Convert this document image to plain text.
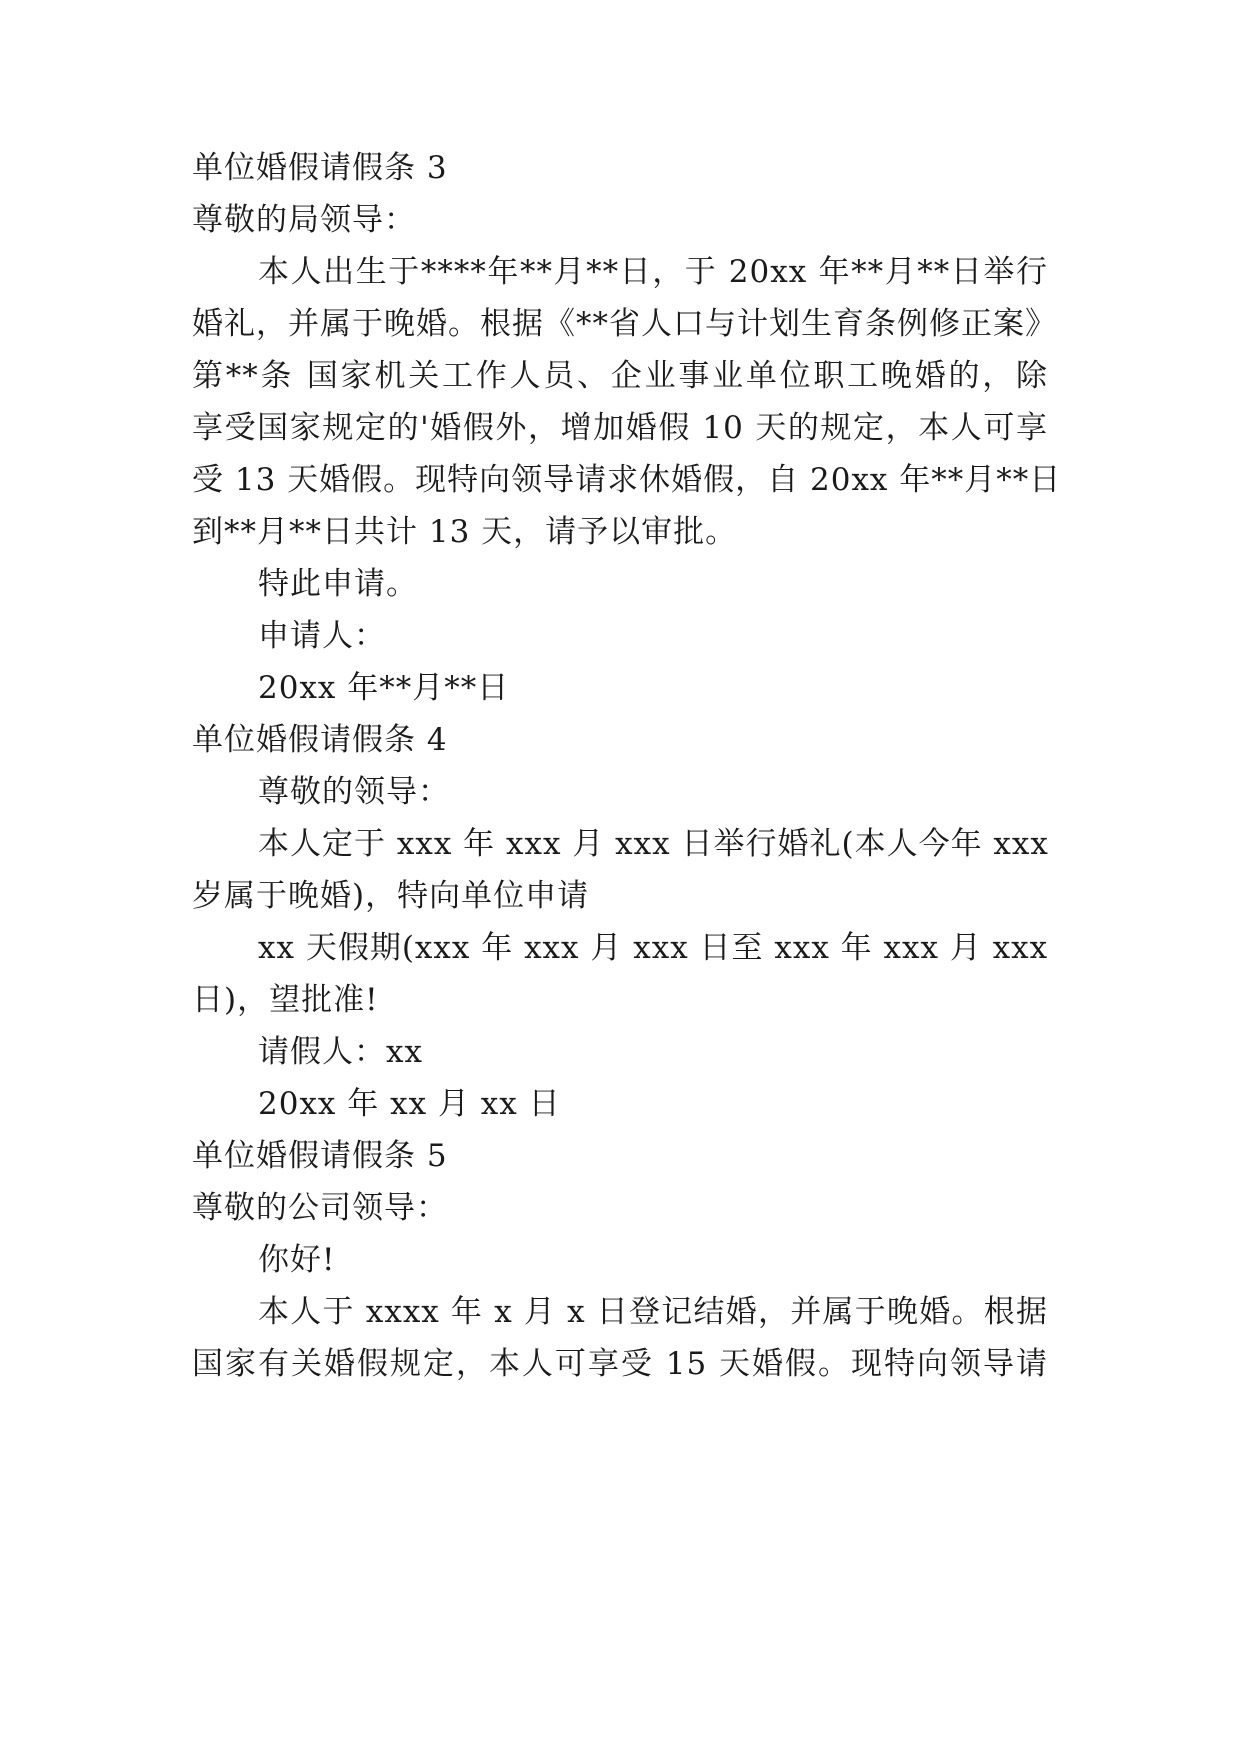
单位婚假请假条 3
尊敬的局领导：
本人出生于****年**月**日，于 20xx 年**月**日举行
婚礼，并属于晚婚。根据《**省人口与计划生育条例修正案》
第**条 国家机关工作人员、企业事业单位职工晚婚的，除
享受国家规定的'婚假外，增加婚假 10 天的规定，本人可享
受 13 天婚假。现特向领导请求休婚假，自 20xx 年**月**日
到**月**日共计 13 天，请予以审批。
特此申请。
申请人：
20xx 年**月**日
单位婚假请假条 4
尊敬的领导：
本人定于 xxx 年 xxx 月 xxx 日举行婚礼(本人今年 xxx
岁属于晚婚)，特向单位申请
xx 天假期(xxx 年 xxx 月 xxx 日至 xxx 年 xxx 月 xxx
日)，望批准!
请假人：xx
20xx 年 xx 月 xx 日
单位婚假请假条 5
尊敬的公司领导：
你好!
本人于 xxxx 年 x 月 x 日登记结婚，并属于晚婚。根据
国家有关婚假规定，本人可享受 15 天婚假。现特向领导请
